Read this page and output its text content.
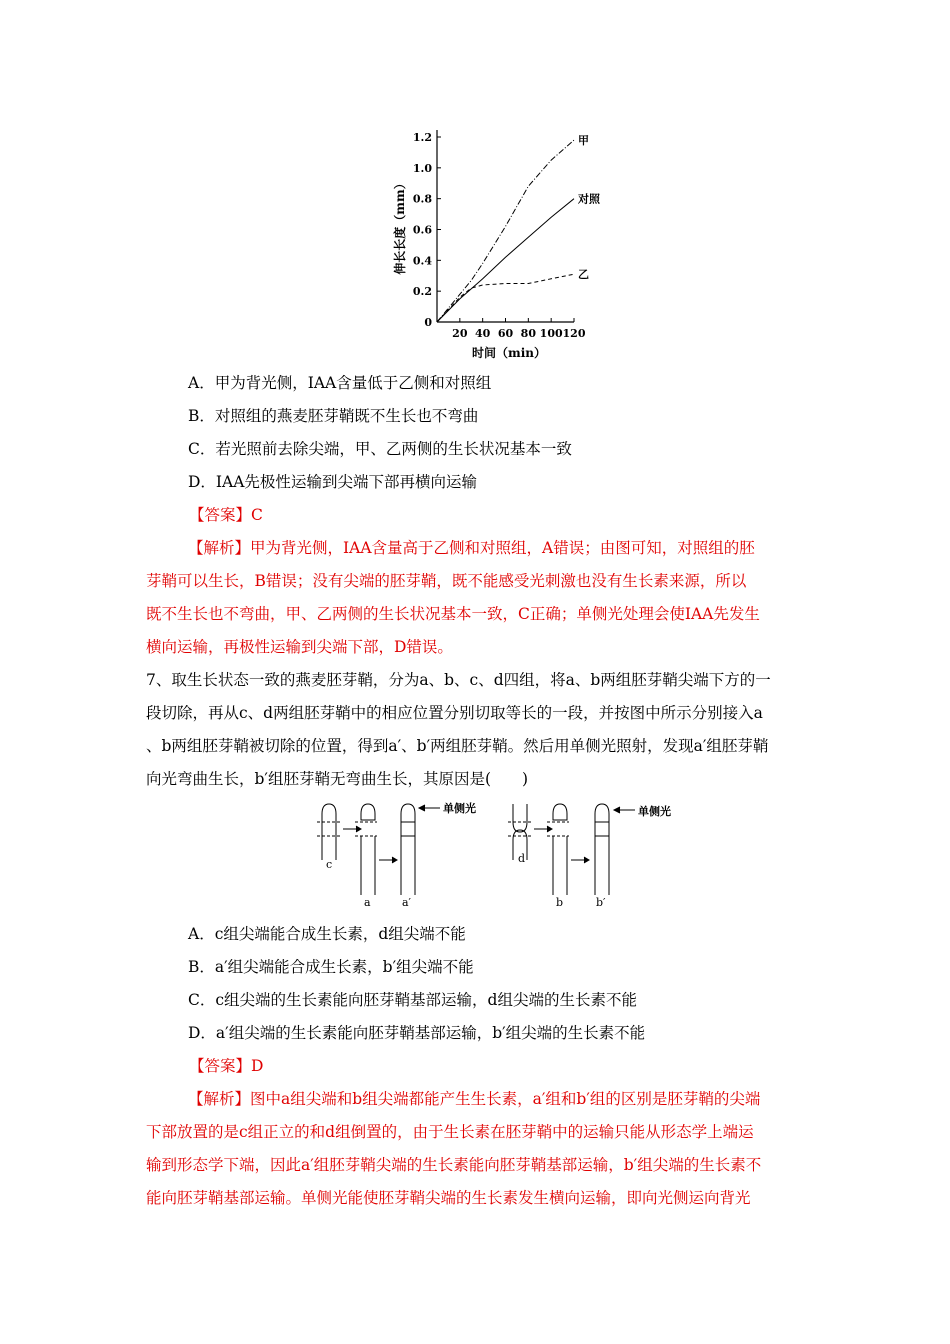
0
0.2
0.4
0.6
0.8
1.0
1.2
20 40 60 80 100 120
甲
对照
乙
伸长长度（mm）
时间（min）
A．甲为背光侧，IAA含量低于乙侧和对照组
B．对照组的燕麦胚芽鞘既不生长也不弯曲
C．若光照前去除尖端，甲、乙两侧的生长状况基本一致
D．IAA先极性运输到尖端下部再横向运输
【答案】C
【解析】甲为背光侧，IAA含量高于乙侧和对照组，A错误；由图可知，对照组的胚
芽鞘可以生长，B错误；没有尖端的胚芽鞘，既不能感受光刺激也没有生长素来源，所以
既不生长也不弯曲，甲、乙两侧的生长状况基本一致，C正确；单侧光处理会使IAA先发生
横向运输，再极性运输到尖端下部，D错误。
7、取生长状态一致的燕麦胚芽鞘，分为a、b、c、d四组，将a、b两组胚芽鞘尖端下方的一
段切除，再从c、d两组胚芽鞘中的相应位置分别切取等长的一段，并按图中所示分别接入a
、b两组胚芽鞘被切除的位置，得到a′、b′两组胚芽鞘。然后用单侧光照射，发现a′组胚芽鞘
向光弯曲生长，b′组胚芽鞘无弯曲生长，其原因是(　　)
单侧光
c
a	a′
单侧光
d
b	b′
A．c组尖端能合成生长素，d组尖端不能
B．a′组尖端能合成生长素，b′组尖端不能
C．c组尖端的生长素能向胚芽鞘基部运输，d组尖端的生长素不能
D．a′组尖端的生长素能向胚芽鞘基部运输，b′组尖端的生长素不能
【答案】D
【解析】图中a组尖端和b组尖端都能产生生长素，a′组和b′组的区别是胚芽鞘的尖端
下部放置的是c组正立的和d组倒置的，由于生长素在胚芽鞘中的运输只能从形态学上端运
输到形态学下端，因此a′组胚芽鞘尖端的生长素能向胚芽鞘基部运输，b′组尖端的生长素不
能向胚芽鞘基部运输。单侧光能使胚芽鞘尖端的生长素发生横向运输，即向光侧运向背光
